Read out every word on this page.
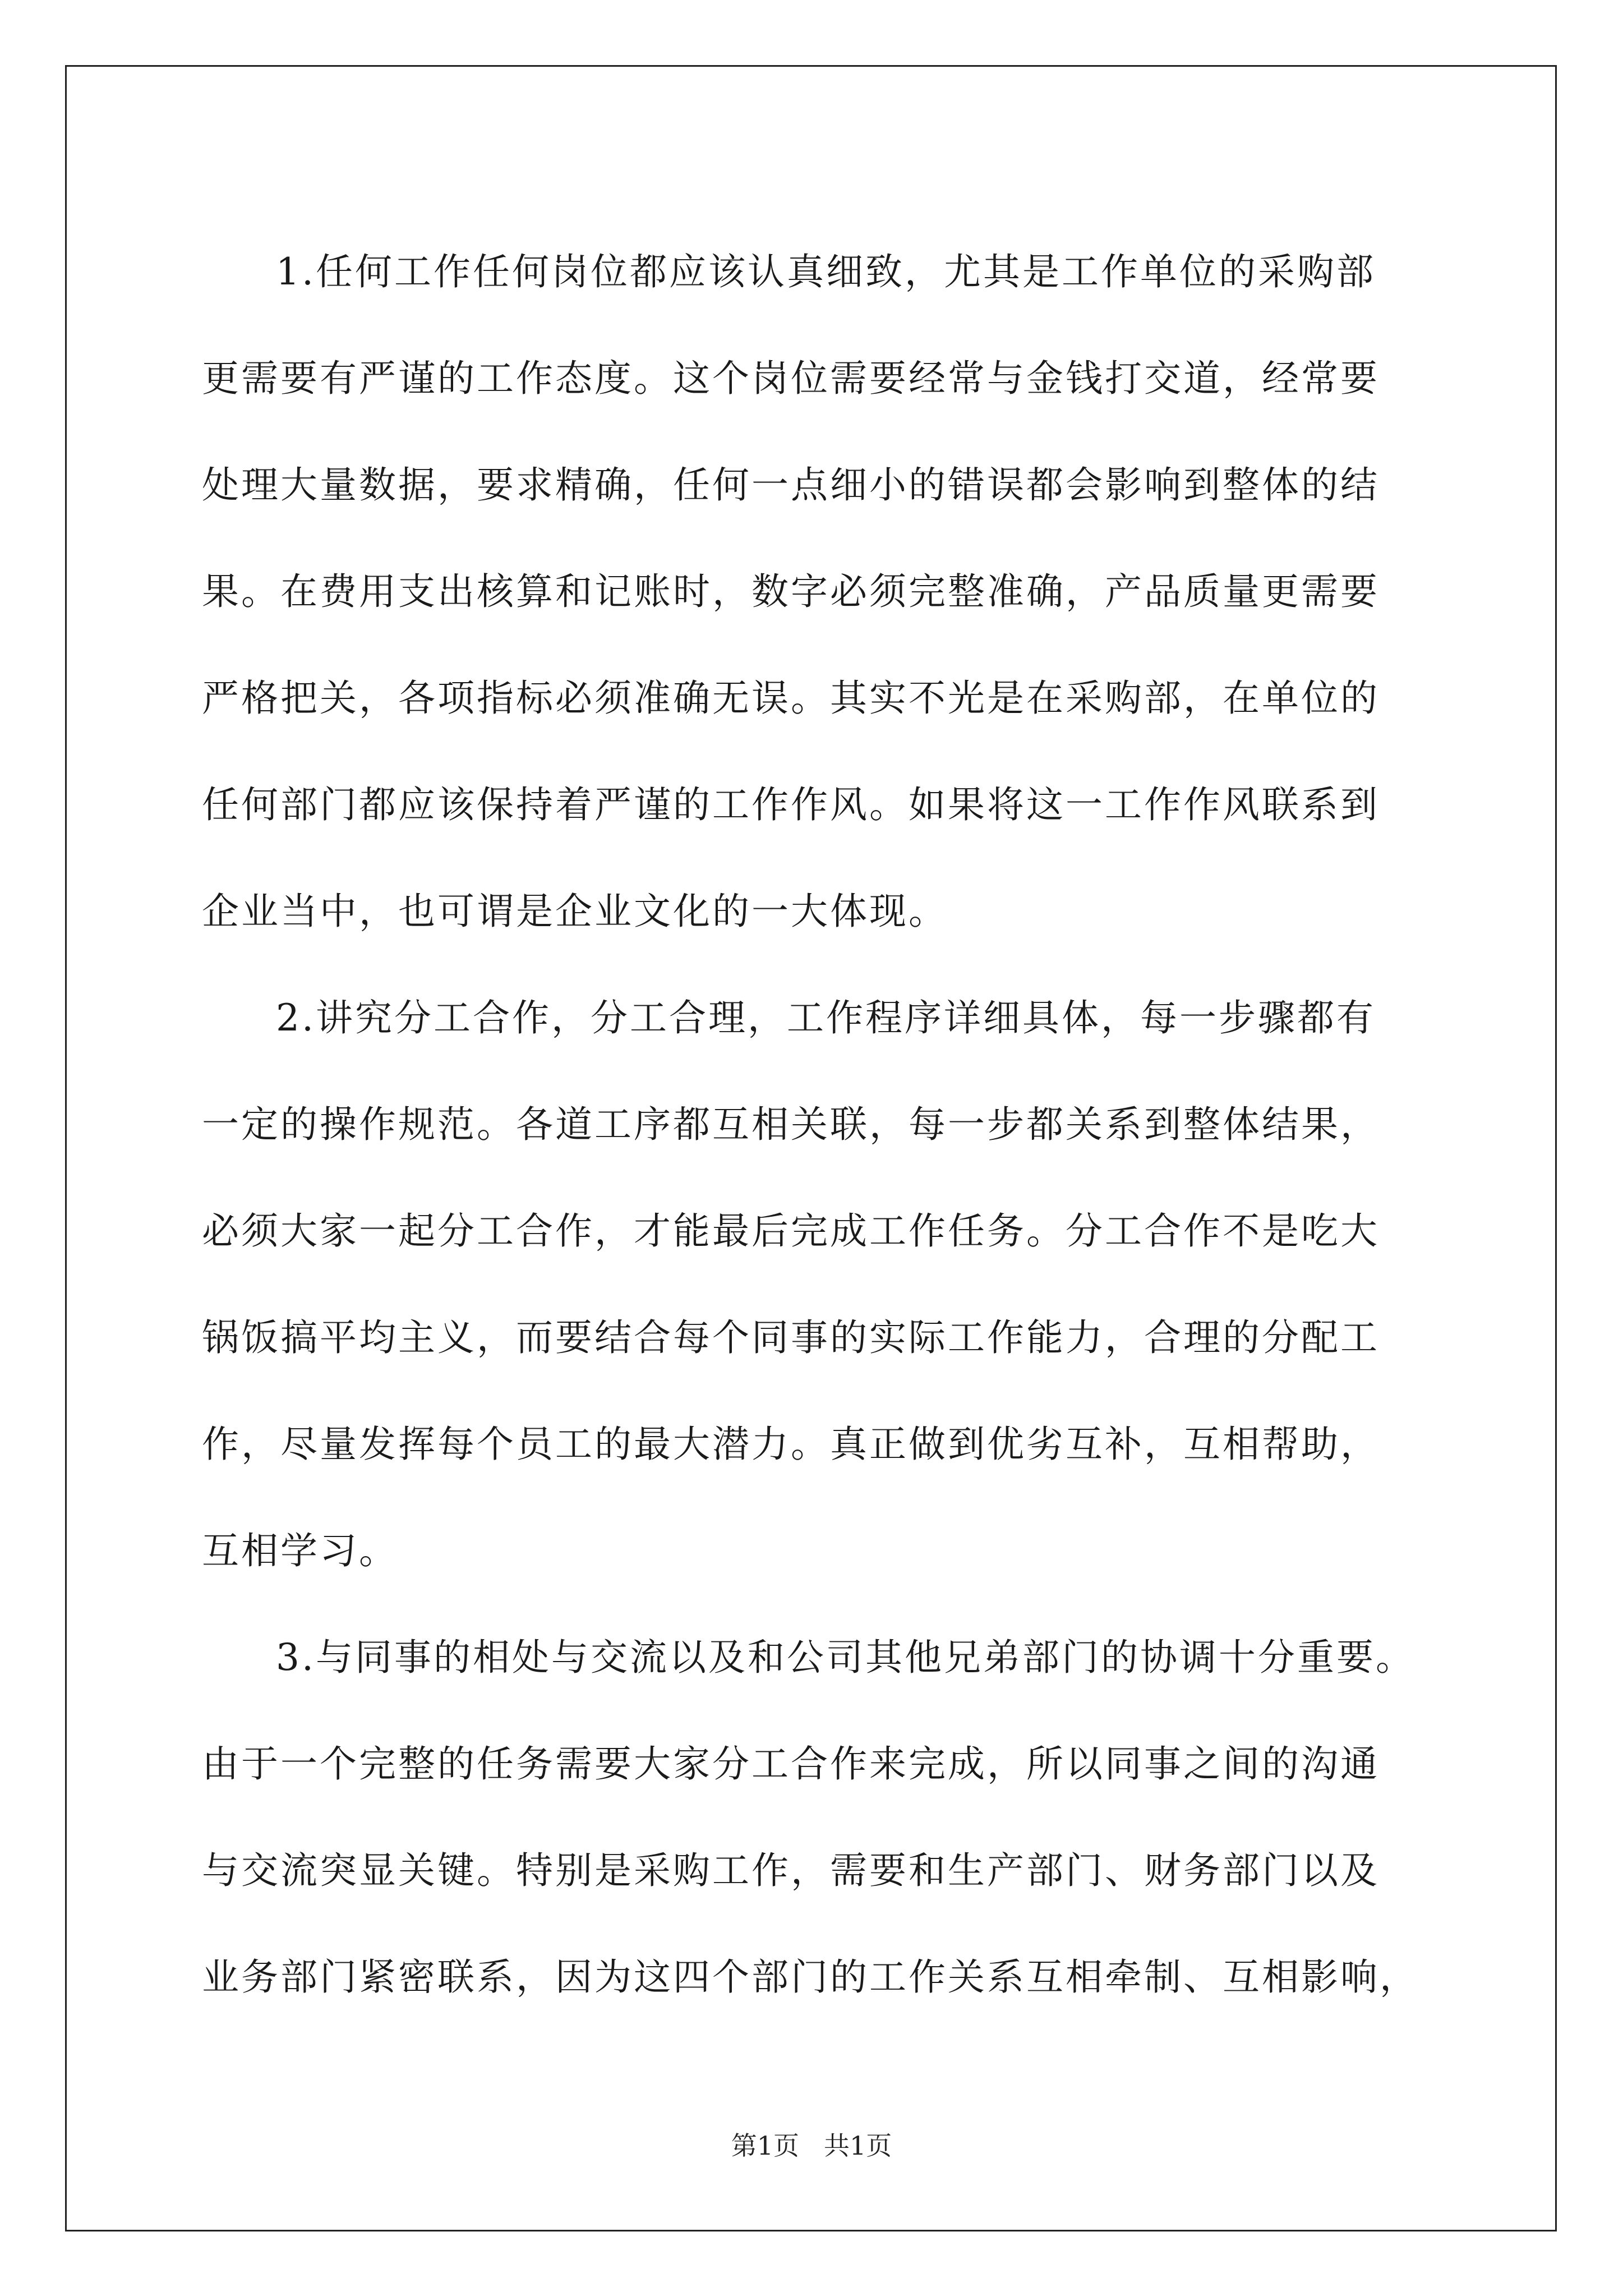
1.任何工作任何岗位都应该认真细致，尤其是工作单位的采购部
更需要有严谨的工作态度。这个岗位需要经常与金钱打交道，经常要
处理大量数据，要求精确，任何一点细小的错误都会影响到整体的结
果。在费用支出核算和记账时，数字必须完整准确，产品质量更需要
严格把关，各项指标必须准确无误。其实不光是在采购部，在单位的
任何部门都应该保持着严谨的工作作风。如果将这一工作作风联系到
企业当中，也可谓是企业文化的一大体现。
2.讲究分工合作，分工合理，工作程序详细具体，每一步骤都有
一定的操作规范。各道工序都互相关联，每一步都关系到整体结果，
必须大家一起分工合作，才能最后完成工作任务。分工合作不是吃大
锅饭搞平均主义，而要结合每个同事的实际工作能力，合理的分配工
作，尽量发挥每个员工的最大潜力。真正做到优劣互补，互相帮助，
互相学习。
3.与同事的相处与交流以及和公司其他兄弟部门的协调十分重要。
由于一个完整的任务需要大家分工合作来完成，所以同事之间的沟通
与交流突显关键。特别是采购工作，需要和生产部门、财务部门以及
业务部门紧密联系，因为这四个部门的工作关系互相牵制、互相影响，
第1页 共1页
